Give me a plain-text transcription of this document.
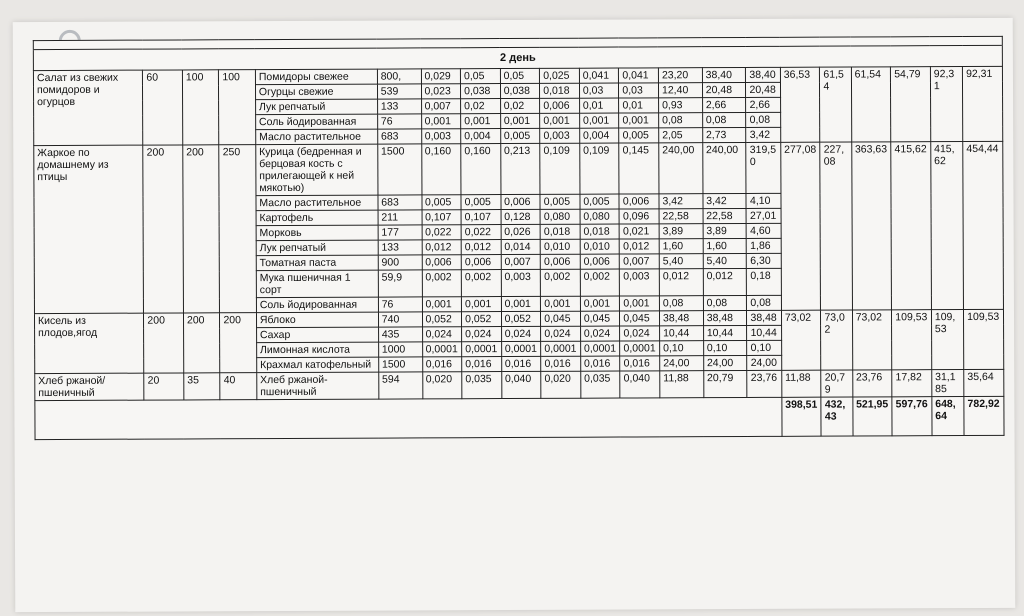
2 день																				
Салат из свежих помидоров и огурцов	60	100	100	Помидоры свежее	800,	0,029	0,05	0,05	0,025	0,041	0,041	23,20	38,40	38,40	36,53	61,54	61,54	54,79	92,31	92,31
				Огурцы свежие	539	0,023	0,038	0,038	0,018	0,03	0,03	12,40	20,48	20,48						
				Лук репчатый	133	0,007	0,02	0,02	0,006	0,01	0,01	0,93	2,66	2,66						
				Соль йодированная	76	0,001	0,001	0,001	0,001	0,001	0,001	0,08	0,08	0,08						
				Масло растительное	683	0,003	0,004	0,005	0,003	0,004	0,005	2,05	2,73	3,42						
Жаркое по домашнему из птицы	200	200	250	Курица (бедренная и берцовая кость с прилегающей к ней мякотью)	1500	0,160	0,160	0,213	0,109	0,109	0,145	240,00	240,00	319,50	277,08	227,08	363,63	415,62	415,62	454,44
				Масло растительное	683	0,005	0,005	0,006	0,005	0,005	0,006	3,42	3,42	4,10						
				Картофель	211	0,107	0,107	0,128	0,080	0,080	0,096	22,58	22,58	27,01						
				Морковь	177	0,022	0,022	0,026	0,018	0,018	0,021	3,89	3,89	4,60						
				Лук репчатый	133	0,012	0,012	0,014	0,010	0,010	0,012	1,60	1,60	1,86						
				Томатная паста	900	0,006	0,006	0,007	0,006	0,006	0,007	5,40	5,40	6,30						
				Мука пшеничная 1 сорт	59,9	0,002	0,002	0,003	0,002	0,002	0,003	0,012	0,012	0,18						
				Соль йодированная	76	0,001	0,001	0,001	0,001	0,001	0,001	0,08	0,08	0,08						
Кисель из плодов,ягод	200	200	200	Яблоко	740	0,052	0,052	0,052	0,045	0,045	0,045	38,48	38,48	38,48	73,02	73,02	73,02	109,53	109,53	109,53
				Сахар	435	0,024	0,024	0,024	0,024	0,024	0,024	10,44	10,44	10,44						
				Лимонная кислота	1000	0,0001	0,0001	0,0001	0,0001	0,0001	0,0001	0,10	0,10	0,10						
				Крахмал катофельный	1500	0,016	0,016	0,016	0,016	0,016	0,016	24,00	24,00	24,00						
Хлеб ржаной/пшеничный	20	35	40	Хлеб ржаной-пшеничный	594	0,020	0,035	0,040	0,020	0,035	0,040	11,88	20,79	23,76	11,88	20,79	23,76	17,82	31,185	35,64
															398,51	432,43	521,95	597,76	648,64	782,92
